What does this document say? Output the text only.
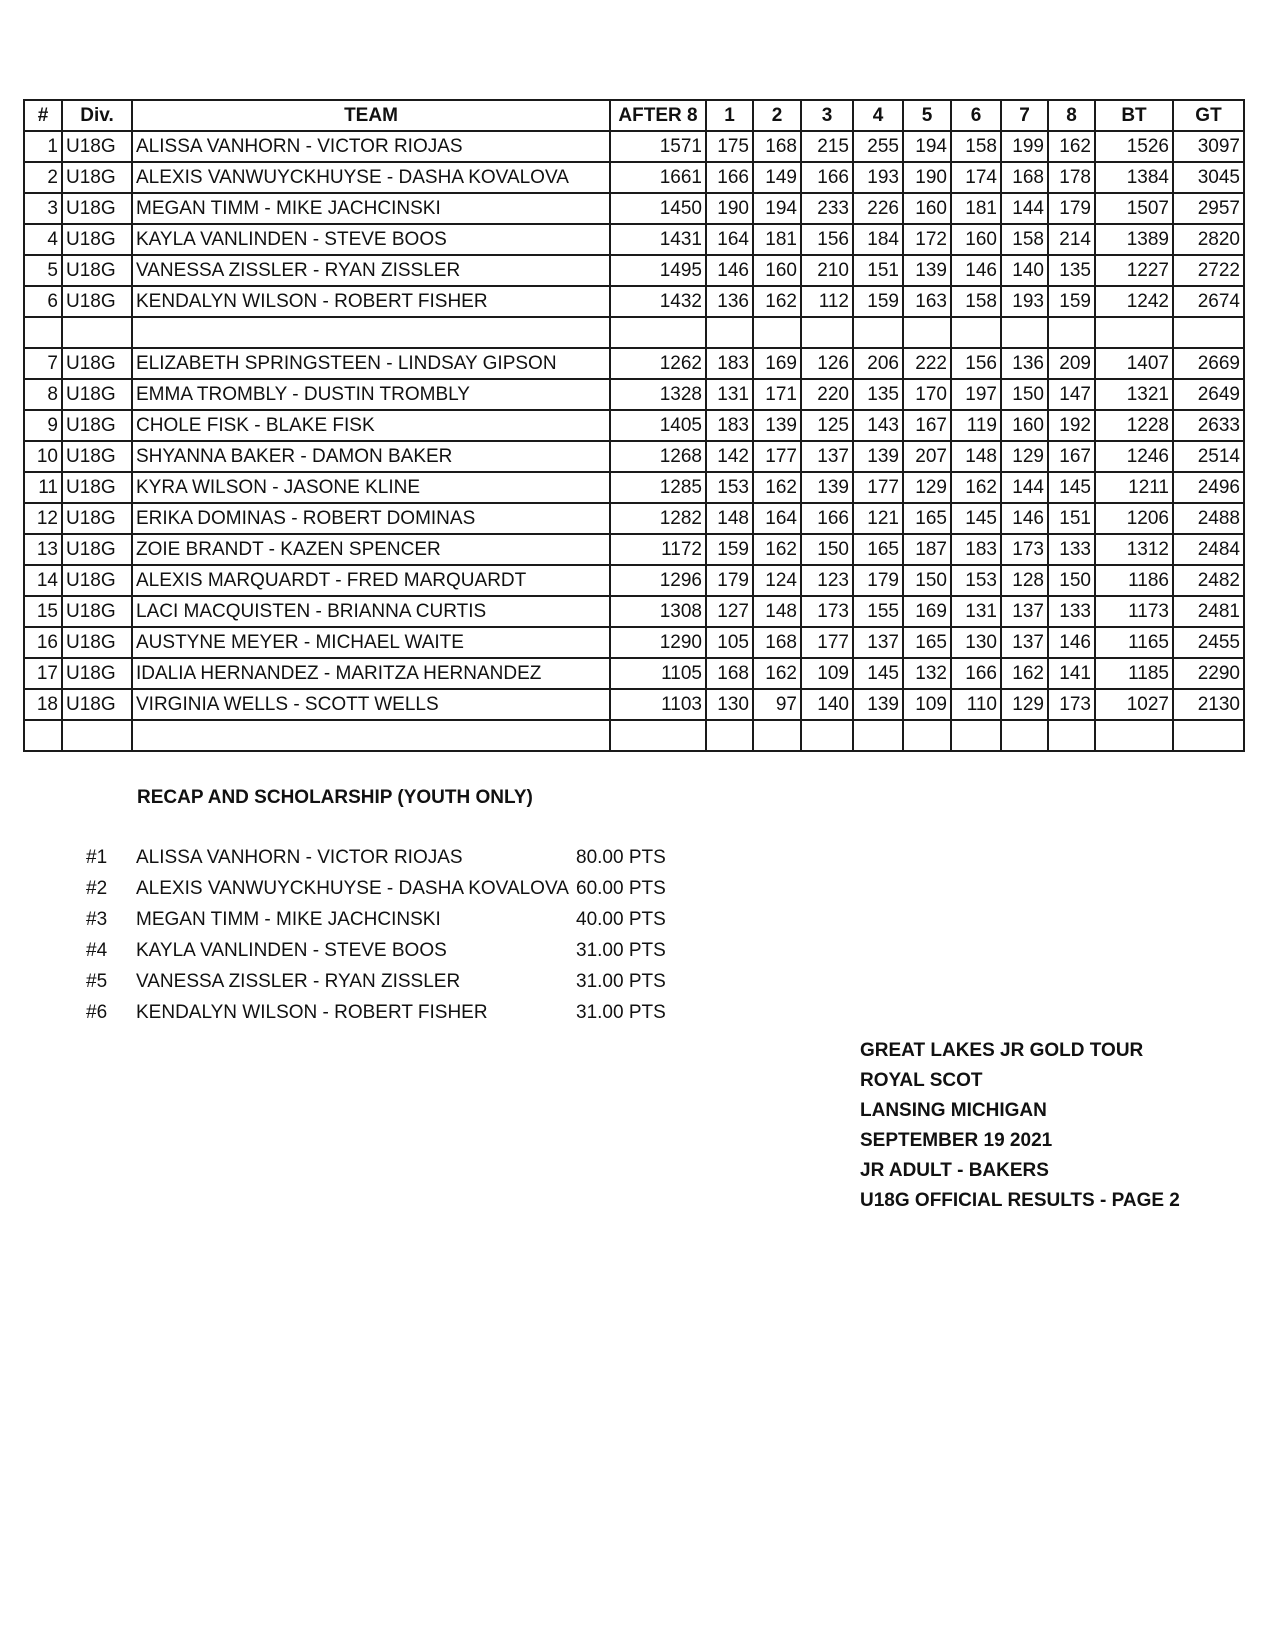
#	Div.	TEAM	AFTER 8	1	2	3	4	5	6	7	8	BT	GT
1	U18G	ALISSA VANHORN - VICTOR RIOJAS	1571	175	168	215	255	194	158	199	162	1526	3097
2	U18G	ALEXIS VANWUYCKHUYSE - DASHA KOVALOVA	1661	166	149	166	193	190	174	168	178	1384	3045
3	U18G	MEGAN TIMM - MIKE JACHCINSKI	1450	190	194	233	226	160	181	144	179	1507	2957
4	U18G	KAYLA VANLINDEN - STEVE BOOS	1431	164	181	156	184	172	160	158	214	1389	2820
5	U18G	VANESSA ZISSLER - RYAN ZISSLER	1495	146	160	210	151	139	146	140	135	1227	2722
6	U18G	KENDALYN WILSON - ROBERT FISHER	1432	136	162	112	159	163	158	193	159	1242	2674

7	U18G	ELIZABETH SPRINGSTEEN - LINDSAY GIPSON	1262	183	169	126	206	222	156	136	209	1407	2669
8	U18G	EMMA TROMBLY - DUSTIN TROMBLY	1328	131	171	220	135	170	197	150	147	1321	2649
9	U18G	CHOLE FISK - BLAKE FISK	1405	183	139	125	143	167	119	160	192	1228	2633
10	U18G	SHYANNA BAKER - DAMON BAKER	1268	142	177	137	139	207	148	129	167	1246	2514
11	U18G	KYRA WILSON - JASONE KLINE	1285	153	162	139	177	129	162	144	145	1211	2496
12	U18G	ERIKA DOMINAS - ROBERT DOMINAS	1282	148	164	166	121	165	145	146	151	1206	2488
13	U18G	ZOIE BRANDT - KAZEN SPENCER	1172	159	162	150	165	187	183	173	133	1312	2484
14	U18G	ALEXIS MARQUARDT - FRED MARQUARDT	1296	179	124	123	179	150	153	128	150	1186	2482
15	U18G	LACI MACQUISTEN - BRIANNA CURTIS	1308	127	148	173	155	169	131	137	133	1173	2481
16	U18G	AUSTYNE MEYER - MICHAEL WAITE	1290	105	168	177	137	165	130	137	146	1165	2455
17	U18G	IDALIA HERNANDEZ - MARITZA HERNANDEZ	1105	168	162	109	145	132	166	162	141	1185	2290
18	U18G	VIRGINIA WELLS - SCOTT WELLS	1103	130	97	140	139	109	110	129	173	1027	2130

RECAP AND SCHOLARSHIP (YOUTH ONLY)
#1	ALISSA VANHORN - VICTOR RIOJAS	80.00 PTS
#2	ALEXIS VANWUYCKHUYSE - DASHA KOVALOVA 60.00 PTS
#3	MEGAN TIMM - MIKE JACHCINSKI	40.00 PTS
#4	KAYLA VANLINDEN - STEVE BOOS	31.00 PTS
#5	VANESSA ZISSLER - RYAN ZISSLER	31.00 PTS
#6	KENDALYN WILSON - ROBERT FISHER	31.00 PTS
GREAT LAKES JR GOLD TOUR
ROYAL SCOT
LANSING MICHIGAN
SEPTEMBER 19 2021
JR ADULT - BAKERS
U18G OFFICIAL RESULTS - PAGE 2
